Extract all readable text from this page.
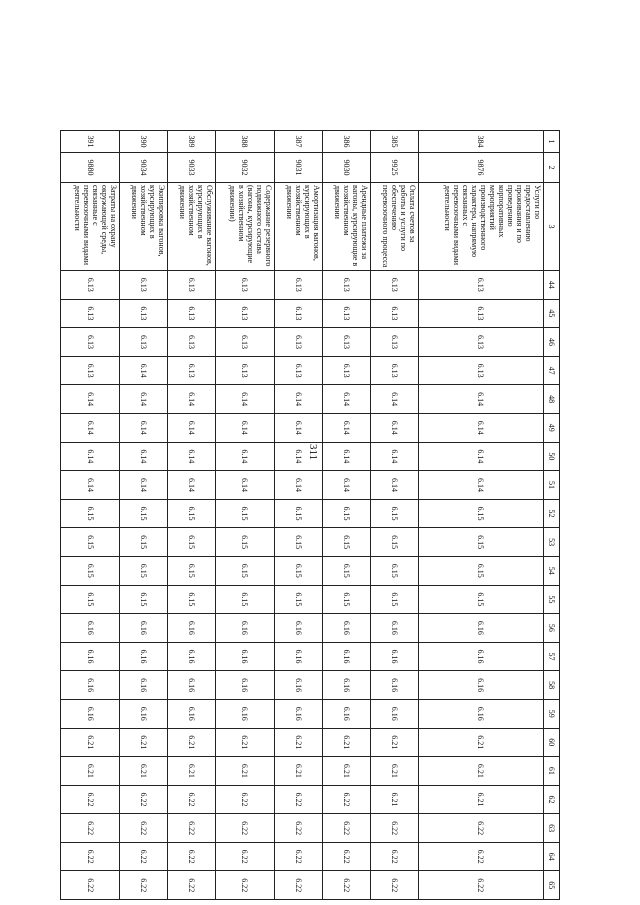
311
1	2	3	44	45	46	47	48	49	50	51	52	53	54	55	56	57	58	59	60	61	62	63	64	65
384	9876	Услуги по предоставлению проживания и по проведению корпоративных мероприятий производственного характера, напрямую связанных с перевозочными видами деятельности	6.13	6.13	6.13	6.13	6.14	6.14	6.14	6.14	6.15	6.15	6.15	6.15	6.16	6.16	6.16	6.16	6.21	6.21	6.21	6.22	6.22	6.22
385	9925	Оплата счетов за работы и услуги по обеспечению перевозочного процесса	6.13	6.13	6.13	6.13	6.14	6.14	6.14	6.14	6.15	6.15	6.15	6.15	6.16	6.16	6.16	6.16	6.21	6.21	6.21	6.22	6.22	6.22
386	9030	Арендные платежи за вагоны, курсирующие в хозяйственном движении	6.13	6.13	6.13	6.13	6.14	6.14	6.14	6.14	6.15	6.15	6.15	6.15	6.16	6.16	6.16	6.16	6.21	6.21	6.22	6.22	6.22	6.22
387	9031	Амортизация вагонов, курсирующих в хозяйственном движении	6.13	6.13	6.13	6.13	6.14	6.14	6.14	6.14	6.15	6.15	6.15	6.15	6.16	6.16	6.16	6.16	6.21	6.21	6.22	6.22	6.22	6.22
388	9032	Содержание резервного подвижного состава (вагоны, курсирующие в хозяйственном движении)	6.13	6.13	6.13	6.13	6.14	6.14	6.14	6.14	6.15	6.15	6.15	6.15	6.16	6.16	6.16	6.16	6.21	6.21	6.22	6.22	6.22	6.22
389	9033	Обслуживание вагонов, курсирующих в хозяйственном движении	6.13	6.13	6.13	6.13	6.14	6.14	6.14	6.14	6.15	6.15	6.15	6.15	6.16	6.16	6.16	6.16	6.21	6.21	6.22	6.22	6.22	6.22
390	9034	Экипировка вагонов, курсирующих в хозяйственном движении	6.13	6.13	6.13	6.14	6.14	6.14	6.14	6.14	6.15	6.15	6.15	6.15	6.16	6.16	6.16	6.16	6.21	6.21	6.22	6.22	6.22	6.22
391	9880	Затраты на охрану окружающей среды, связанные с перевозочными видами деятельности	6.13	6.13	6.13	6.13	6.14	6.14	6.14	6.14	6.15	6.15	6.15	6.15	6.16	6.16	6.16	6.16	6.21	6.21	6.22	6.22	6.22	6.22
